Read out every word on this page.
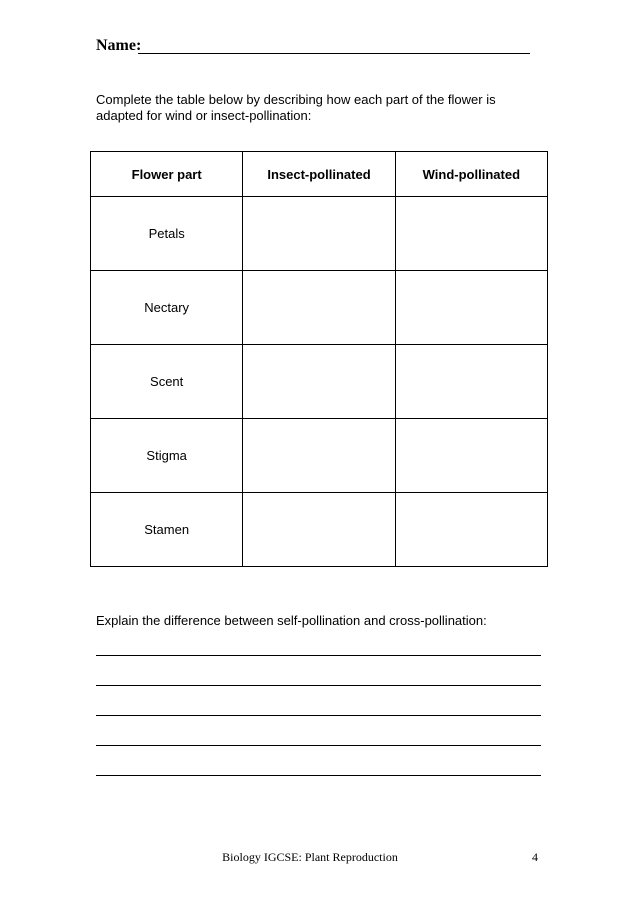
Name:
Complete the table below by describing how each part of the flower is adapted for wind or insect-pollination:
Flower part	Insect-pollinated	Wind-pollinated
Petals		
Nectary		
Scent		
Stigma		
Stamen		
Explain the difference between self-pollination and cross-pollination:
Biology IGCSE: Plant Reproduction	4
